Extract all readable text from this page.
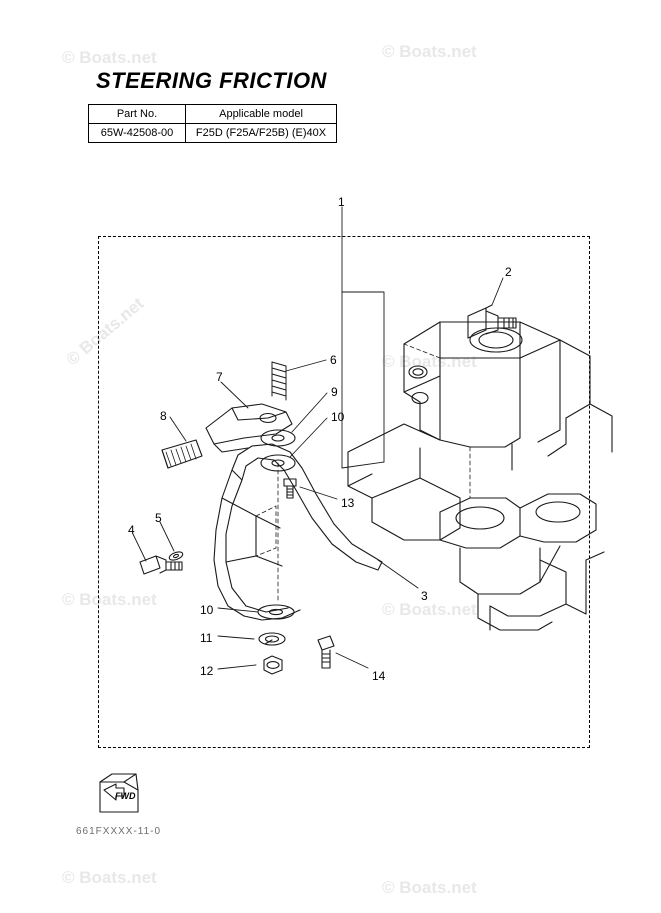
© Boats.net	© Boats.net
© Boats.net	© Boats.net
© Boats.net
© Boats.net
© Boats.net
© Boats.net
STEERING FRICTION
Part No.	Applicable model
65W-42508-00	F25D (F25A/F25B) (E)40X
1
2
6
7
9
10
8
13
4
5
3
10
11
12	14
FWD
661FXXXX-11-0
